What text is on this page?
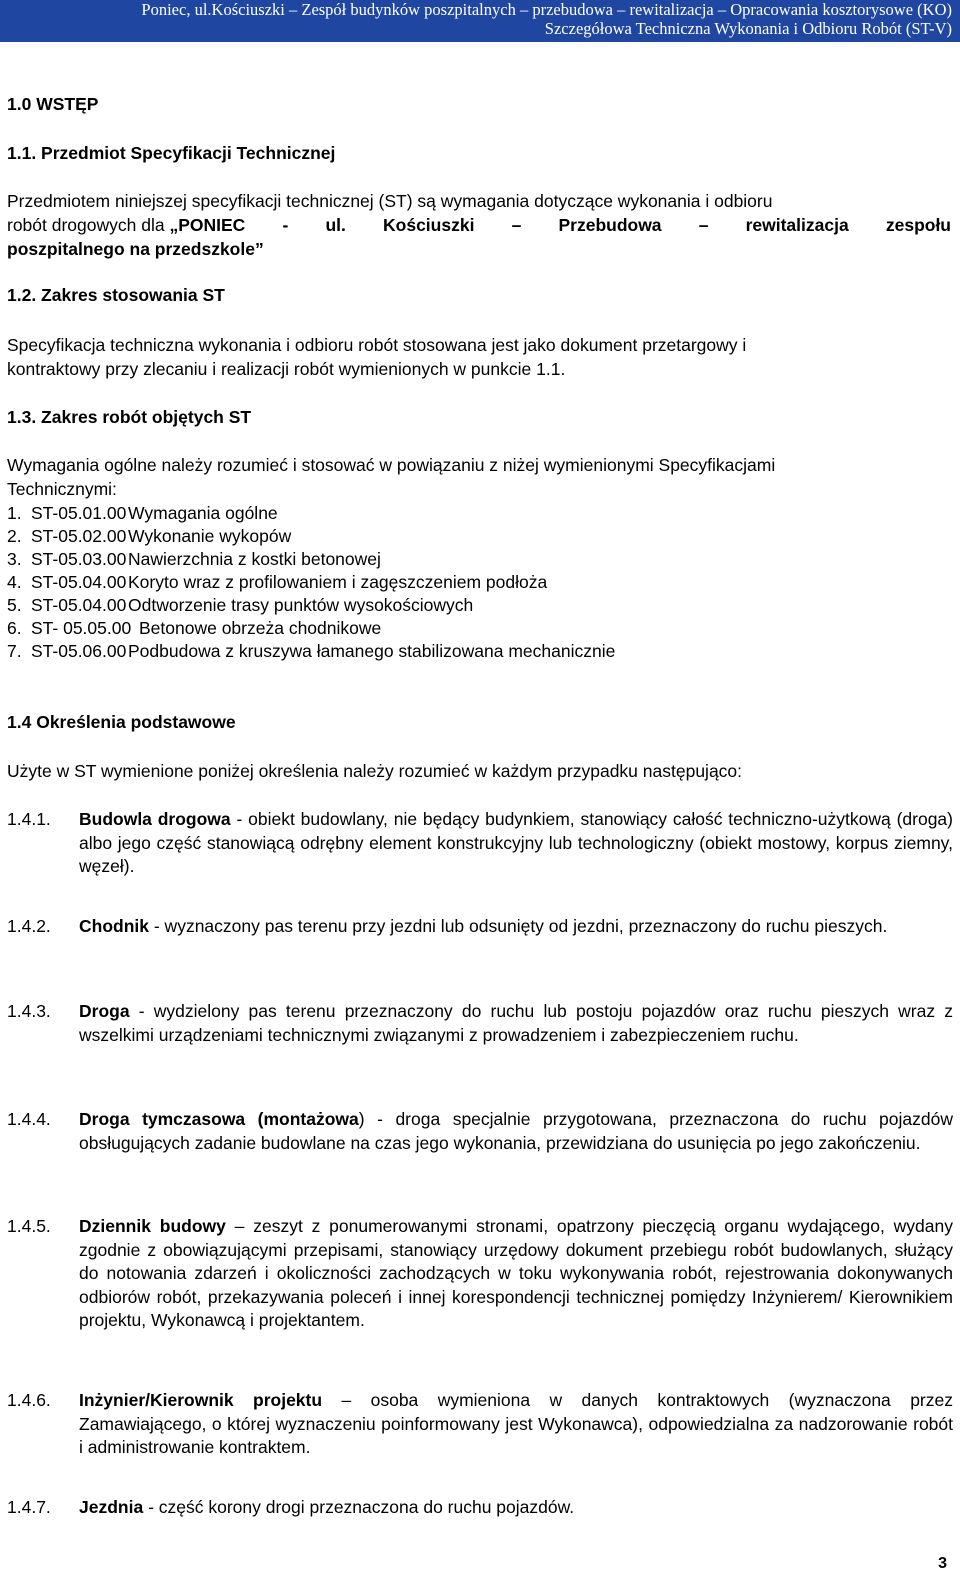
Poniec, ul.Kościuszki – Zespół budynków poszpitalnych – przebudowa – rewitalizacja – Opracowania kosztorysowe (KO)
Szczegółowa Techniczna Wykonania i Odbioru Robót (ST-V)
1.0 WSTĘP
1.1. Przedmiot Specyfikacji Technicznej
Przedmiotem niniejszej specyfikacji technicznej (ST) są wymagania dotyczące wykonania i odbioru
robót drogowych dla „PONIEC - ul. Kościuszki – Przebudowa – rewitalizacja zespołu
poszpitalnego na przedszkole”
1.2. Zakres stosowania ST
Specyfikacja techniczna wykonania i odbioru robót stosowana jest jako dokument przetargowy i
kontraktowy przy zlecaniu i realizacji robót wymienionych w punkcie 1.1.
1.3. Zakres robót objętych ST
Wymagania ogólne należy rozumieć i stosować w powiązaniu z niżej wymienionymi Specyfikacjami
Technicznymi:
1. ST-05.01.00Wymagania ogólne
2. ST-05.02.00Wykonanie wykopów
3. ST-05.03.00Nawierzchnia z kostki betonowej
4. ST-05.04.00Koryto wraz z profilowaniem i zagęszczeniem podłoża
5. ST-05.04.00Odtworzenie trasy punktów wysokościowych
6. ST- 05.05.00 Betonowe obrzeża chodnikowe
7. ST-05.06.00Podbudowa z kruszywa łamanego stabilizowana mechanicznie
1.4 Określenia podstawowe
Użyte w ST wymienione poniżej określenia należy rozumieć w każdym przypadku następująco:
1.4.1. Budowla drogowa - obiekt budowlany, nie będący budynkiem, stanowiący całość techniczno-użytkową (droga) albo jego część stanowiącą odrębny element konstrukcyjny lub technologiczny (obiekt mostowy, korpus ziemny, węzeł).
1.4.2. Chodnik - wyznaczony pas terenu przy jezdni lub odsunięty od jezdni, przeznaczony do ruchu pieszych.
1.4.3. Droga - wydzielony pas terenu przeznaczony do ruchu lub postoju pojazdów oraz ruchu pieszych wraz z wszelkimi urządzeniami technicznymi związanymi z prowadzeniem i zabezpieczeniem ruchu.
1.4.4. Droga tymczasowa (montażowa) - droga specjalnie przygotowana, przeznaczona do ruchu pojazdów obsługujących zadanie budowlane na czas jego wykonania, przewidziana do usunięcia po jego zakończeniu.
1.4.5. Dziennik budowy – zeszyt z ponumerowanymi stronami, opatrzony pieczęcią organu wydającego, wydany zgodnie z obowiązującymi przepisami, stanowiący urzędowy dokument przebiegu robót budowlanych, służący do notowania zdarzeń i okoliczności zachodzących w toku wykonywania robót, rejestrowania dokonywanych odbiorów robót, przekazywania poleceń i innej korespondencji technicznej pomiędzy Inżynierem/ Kierownikiem projektu, Wykonawcą i projektantem.
1.4.6. Inżynier/Kierownik projektu – osoba wymieniona w danych kontraktowych (wyznaczona przez Zamawiającego, o której wyznaczeniu poinformowany jest Wykonawca), odpowiedzialna za nadzorowanie robót i administrowanie kontraktem.
1.4.7. Jezdnia - część korony drogi przeznaczona do ruchu pojazdów.
3
